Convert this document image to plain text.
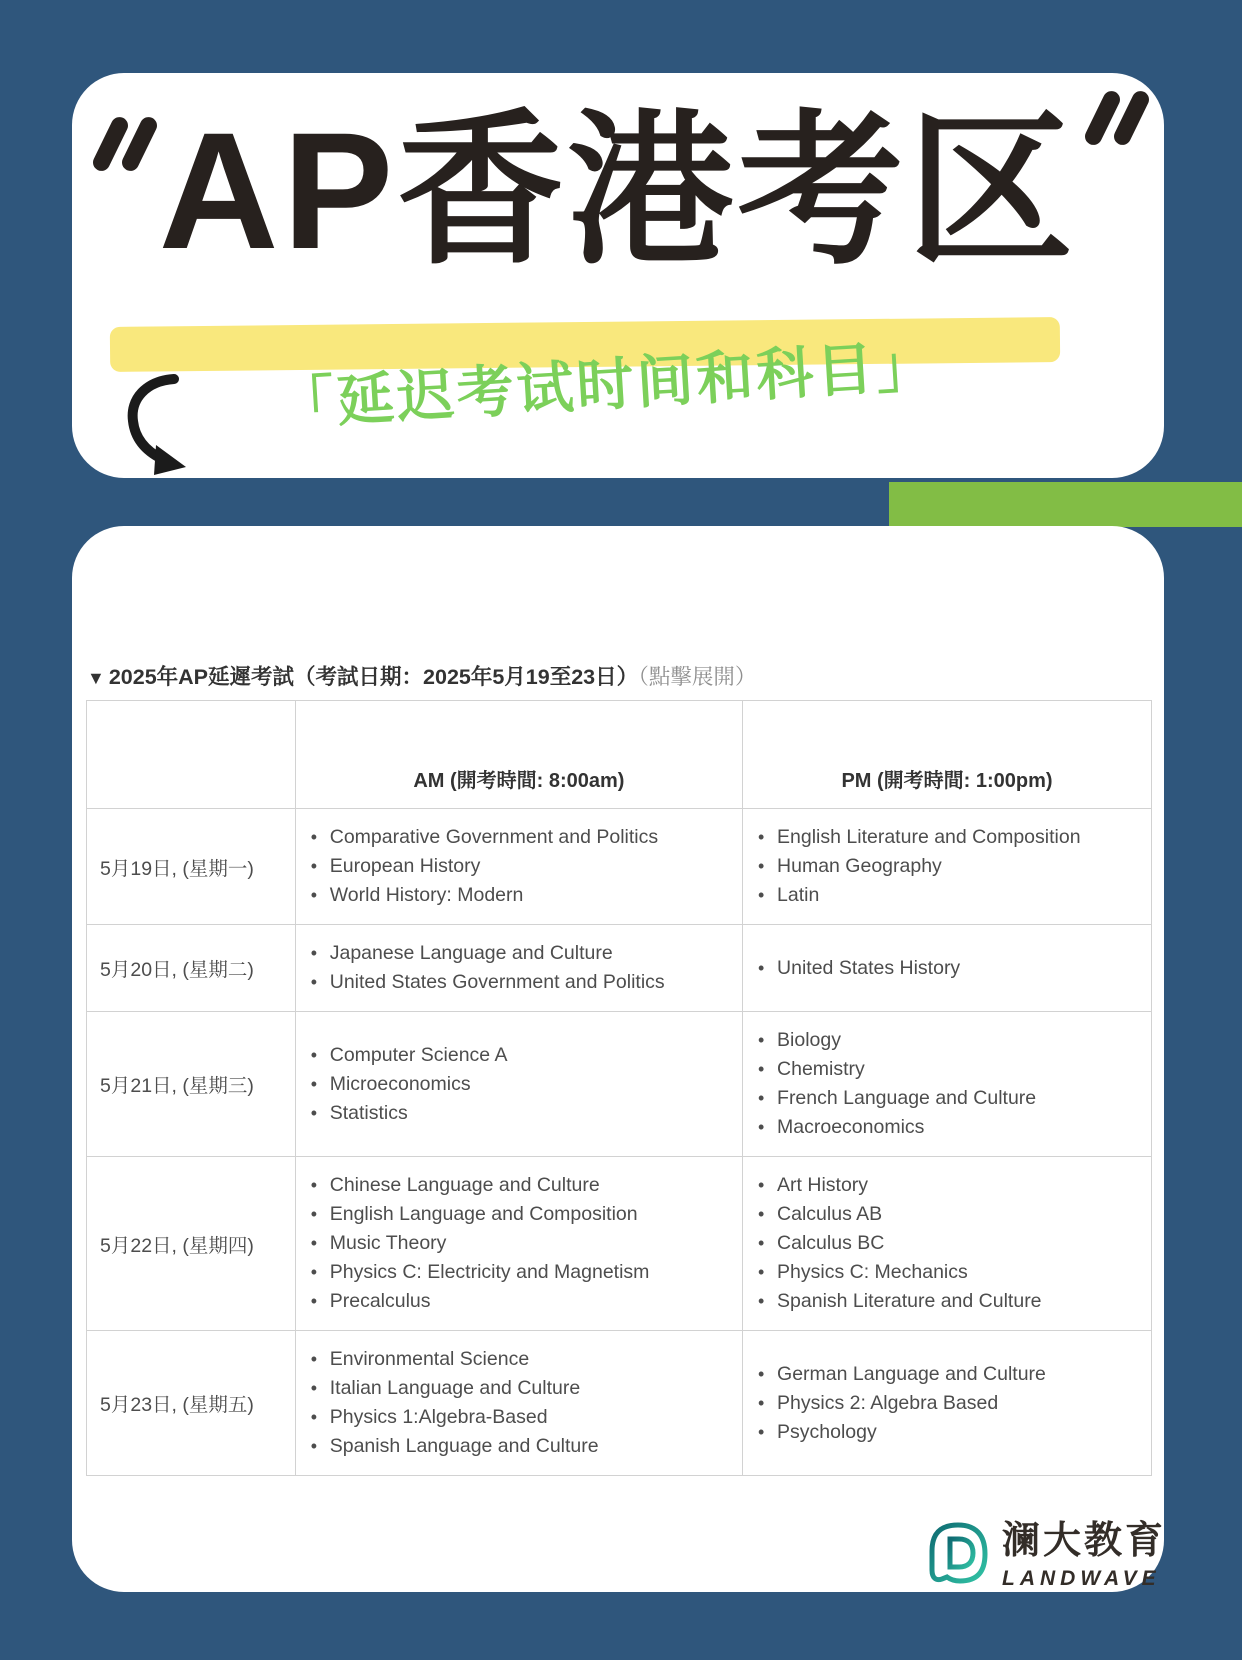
AP香港考区
「延迟考试时间和科目」
▼ 2025年AP延遲考試（考試日期：2025年5月19至23日）（點擊展開）
	AM (開考時間: 8:00am)	PM (開考時間: 1:00pm)
5月19日, (星期一)	
• Comparative Government and Politics
• European History
• World History: Modern

• English Literature and Composition
• Human Geography
• Latin

5月20日, (星期二)	
• Japanese Language and Culture
• United States Government and Politics

• United States History

5月21日, (星期三)	
• Computer Science A
• Microeconomics
• Statistics

• Biology
• Chemistry
• French Language and Culture
• Macroeconomics

5月22日, (星期四)	
• Chinese Language and Culture
• English Language and Composition
• Music Theory
• Physics C: Electricity and Magnetism
• Precalculus

• Art History
• Calculus AB
• Calculus BC
• Physics C: Mechanics
• Spanish Literature and Culture

5月23日, (星期五)	
• Environmental Science
• Italian Language and Culture
• Physics 1:Algebra-Based
• Spanish Language and Culture

• German Language and Culture
• Physics 2: Algebra Based
• Psychology
澜大教育
LANDWAVE
